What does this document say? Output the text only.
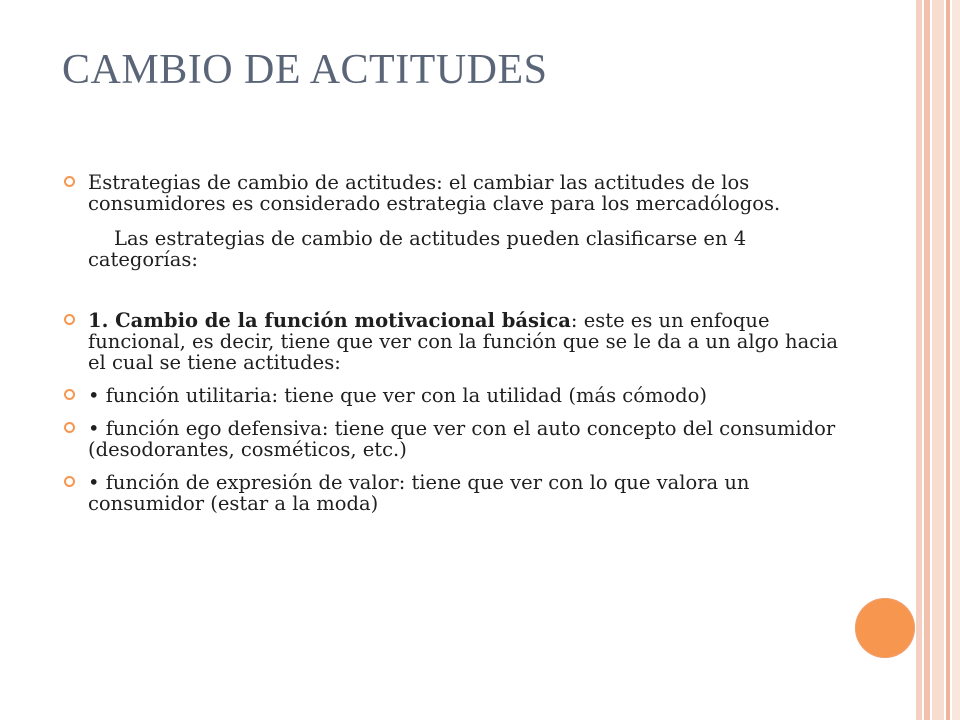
CAMBIO DE ACTITUDES
Estrategias de cambio de actitudes: el cambiar las actitudes de los consumidores es considerado estrategia clave para los mercadólogos.
Las estrategias de cambio de actitudes pueden clasificarse en 4 categorías:
1. Cambio de la función motivacional básica: este es un enfoque funcional, es decir, tiene que ver con la función que se le da a un algo hacia el cual se tiene actitudes:
• función utilitaria: tiene que ver con la utilidad (más cómodo)
• función ego defensiva: tiene que ver con el auto concepto del consumidor (desodorantes, cosméticos, etc.)
• función de expresión de valor: tiene que ver con lo que valora un consumidor (estar a la moda)
